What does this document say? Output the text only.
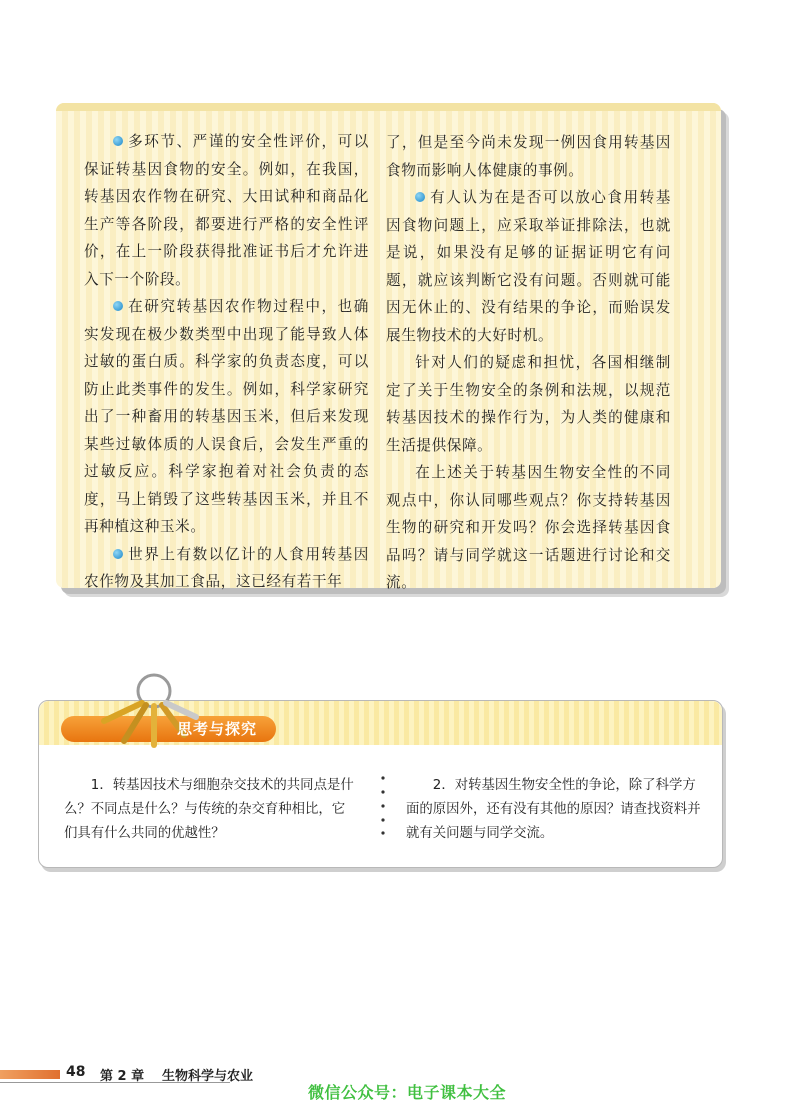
多环节、严谨的安全性评价，可以保证转基因食物的安全。例如，在我国，转基因农作物在研究、大田试种和商品化生产等各阶段，都要进行严格的安全性评价，在上一阶段获得批准证书后才允许进入下一个阶段。

在研究转基因农作物过程中，也确实发现在极少数类型中出现了能导致人体过敏的蛋白质。科学家的负责态度，可以防止此类事件的发生。例如，科学家研究出了一种畜用的转基因玉米，但后来发现某些过敏体质的人误食后，会发生严重的过敏反应。科学家抱着对社会负责的态度，马上销毁了这些转基因玉米，并且不再种植这种玉米。

世界上有数以亿计的人食用转基因农作物及其加工食品，这已经有若干年

了，但是至今尚未发现一例因食用转基因食物而影响人体健康的事例。

有人认为在是否可以放心食用转基因食物问题上，应采取举证排除法，也就是说，如果没有足够的证据证明它有问题，就应该判断它没有问题。否则就可能因无休止的、没有结果的争论，而贻误发展生物技术的大好时机。

针对人们的疑虑和担忧，各国相继制定了关于生物安全的条例和法规，以规范转基因技术的操作行为，为人类的健康和生活提供保障。

在上述关于转基因生物安全性的不同观点中，你认同哪些观点？你支持转基因生物的研究和开发吗？你会选择转基因食品吗？请与同学就这一话题进行讨论和交流。

思考与探究
1．转基因技术与细胞杂交技术的共同点是什么？不同点是什么？与传统的杂交育种相比，它们具有什么共同的优越性？
2．对转基因生物安全性的争论，除了科学方面的原因外，还有没有其他的原因？请查找资料并就有关问题与同学交流。
48 第 2 章 生物科学与农业
微信公众号：电子课本大全
